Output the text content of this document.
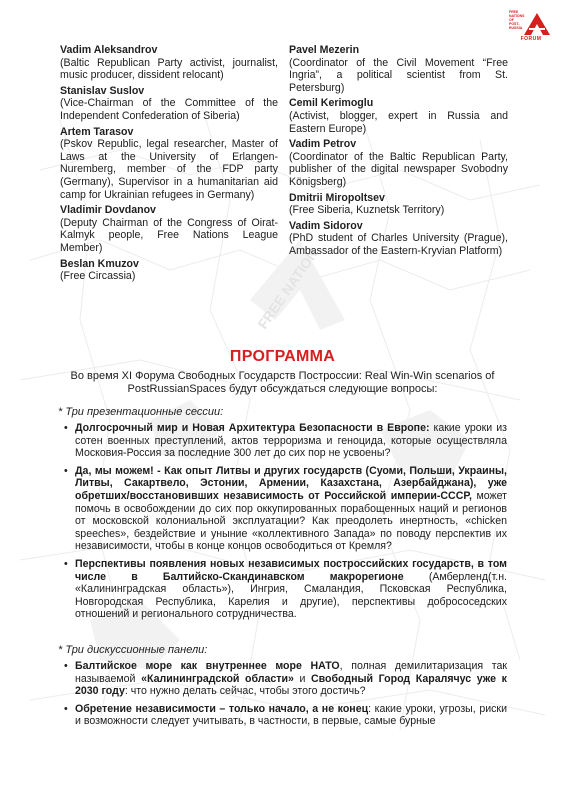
FREE NATION
FREE NATIONS OF POST-RUSSIA
FORUM
Vadim Aleksandrov
(Baltic Republican Party activist, journalist, music producer, dissident relocant)
Stanislav Suslov
(Vice-Chairman of the Committee of the Independent Confederation of Siberia)
Artem Tarasov
(Pskov Republic, legal researcher, Master of Laws at the University of Erlangen-Nuremberg, member of the FDP party (Germany), Supervisor in a humanitarian aid camp for Ukrainian refugees in Germany)
Vladimir Dovdanov
(Deputy Chairman of the Congress of Oirat-Kalmyk people, Free Nations League Member)
Beslan Kmuzov
(Free Circassia)
Pavel Mezerin
(Coordinator of the Civil Movement “Free Ingria”, a political scientist from St. Petersburg)
Cemil Kerimoglu
(Activist, blogger, expert in Russia and Eastern Europe)
Vadim Petrov
(Coordinator of the Baltic Republican Party, publisher of the digital newspaper Svobodny Königsberg)
Dmitrii Miropoltsev
(Free Siberia, Kuznetsk Territory)
Vadim Sidorov
(PhD student of Charles University (Prague), Ambassador of the Eastern-Kryvian Platform)
ПРОГРАММА
Во время XI Форума Свободных Государств Построссии: Real Win-Win scenarios of PostRussianSpaces будут обсуждаться следующие вопросы:
* Три презентационные сессии:
• Долгосрочный мир и Новая Архитектура Безопасности в Европе: какие уроки из сотен военных преступлений, актов терроризма и геноцида, которые осуществляла Московия-Россия за последние 300 лет до сих пор не усвоены?
• Да, мы можем! - Как опыт Литвы и других государств (Суоми, Польши, Украины, Литвы, Сакартвело, Эстонии, Армении, Казахстана, Азербайджана), уже обретших/восстановивших независимость от Российской империи-СССР, может помочь в освобождении до сих пор оккупированных порабощенных наций и регионов от московской колониальной эксплуатации? Как преодолеть инертность, «chicken speeches», бездействие и уныние «коллективного Запада» по поводу перспектив их независимости, чтобы в конце концов освободиться от Кремля?
• Перспективы появления новых независимых построссийских государств, в том числе в Балтийско-Скандинавском макрорегионе (Амберленд(т.н. «Калининградская область»), Ингрия, Смаландия, Псковская Республика, Новгородская Республика, Карелия и другие), перспективы добрососедских отношений и регионального сотрудничества.
* Три дискуссионные панели:
• Балтийское море как внутреннее море НАТО, полная демилитаризация так называемой «Калининградской области» и Свободный Город Каралячус уже к 2030 году: что нужно делать сейчас, чтобы этого достичь?
• Обретение независимости – только начало, а не конец: какие уроки, угрозы, риски и возможности следует учитывать, в частности, в первые, самые бурные
